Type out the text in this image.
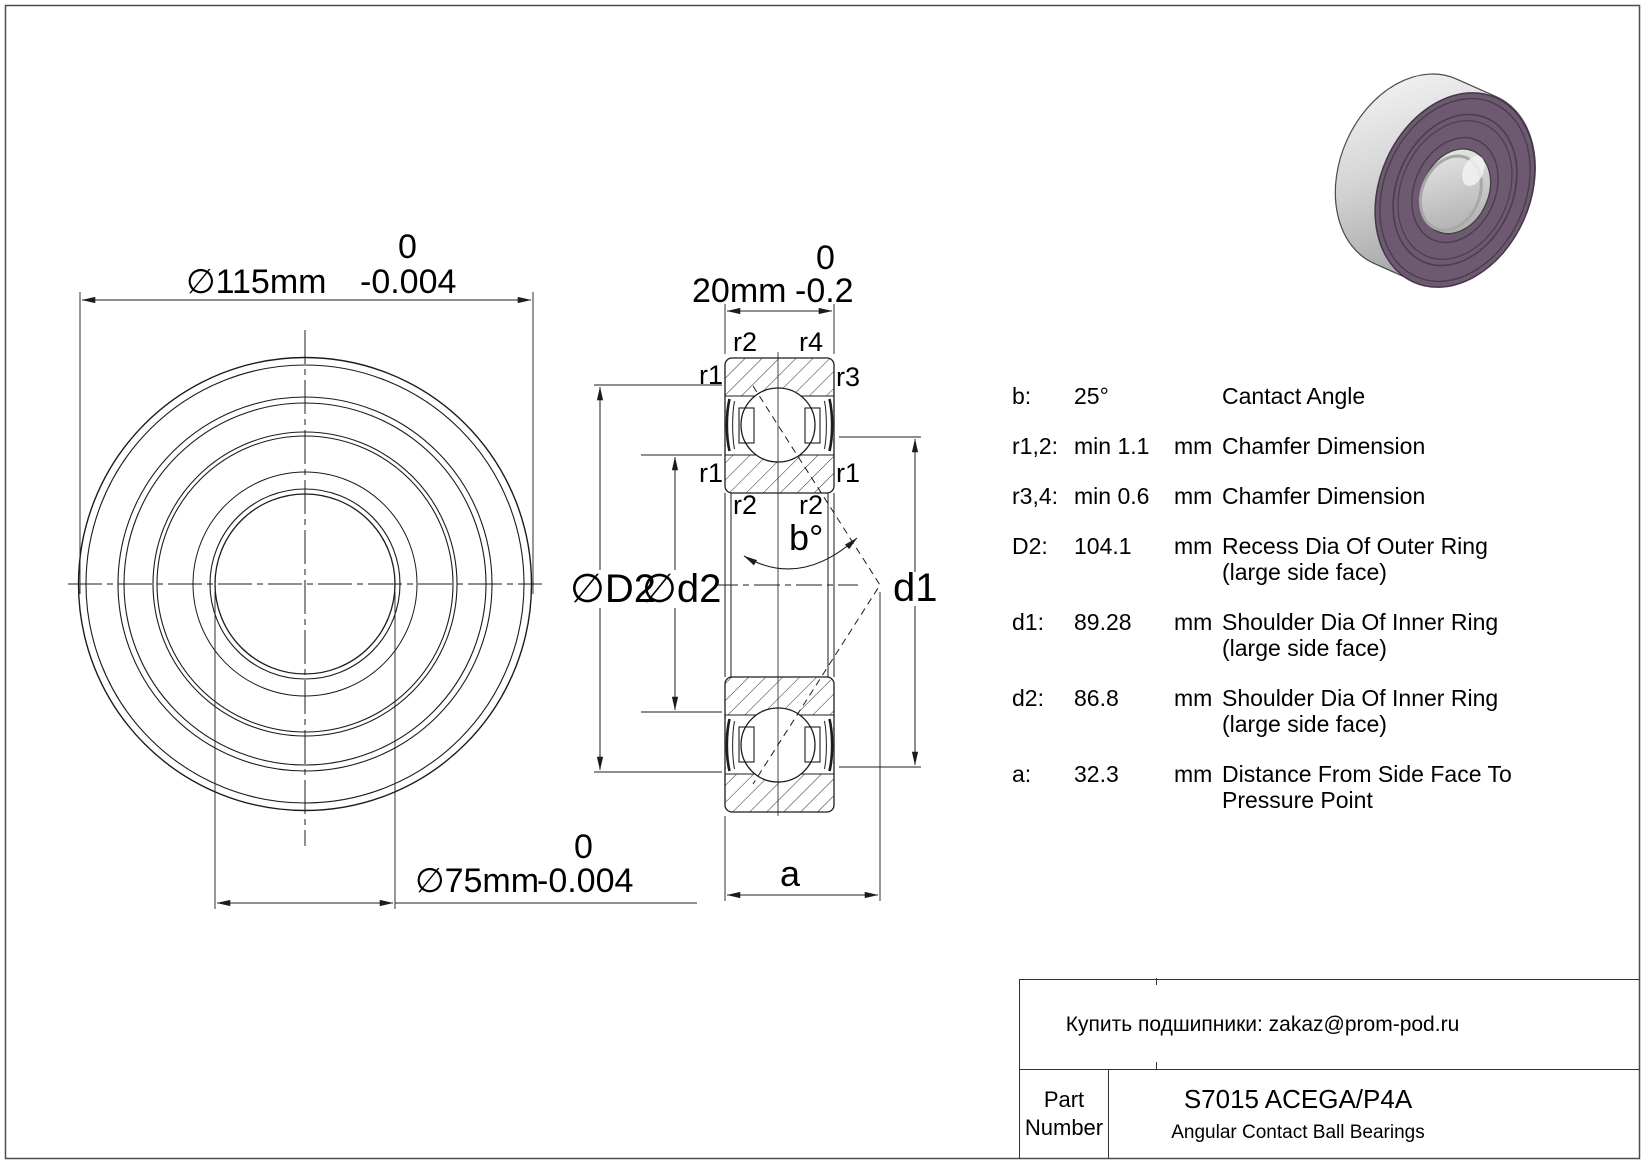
∅115mm
0
-0.004
∅75mm
0
-0.004
20mm
0
-0.2
r2 r4
r1	r3
r1	r1
r2 r2
b°
∅D2
∅d2	d1
a
b:	25°	Cantact Angle
r1,2: min 1.1	mm Chamfer Dimension
r3,4: min 0.6	mm Chamfer Dimension
D2:	104.1	mm Recess Dia Of Outer Ring (large side face)
d1:	89.28	mm Shoulder Dia Of Inner Ring (large side face)
d2:	86.8	mm Shoulder Dia Of Inner Ring (large side face)
a:	32.3	mm Distance From Side Face To Pressure Point
Купить подшипники: zakaz@prom-pod.ru
Part
Number
S7015 ACEGA/P4A
Angular Contact Ball Bearings
